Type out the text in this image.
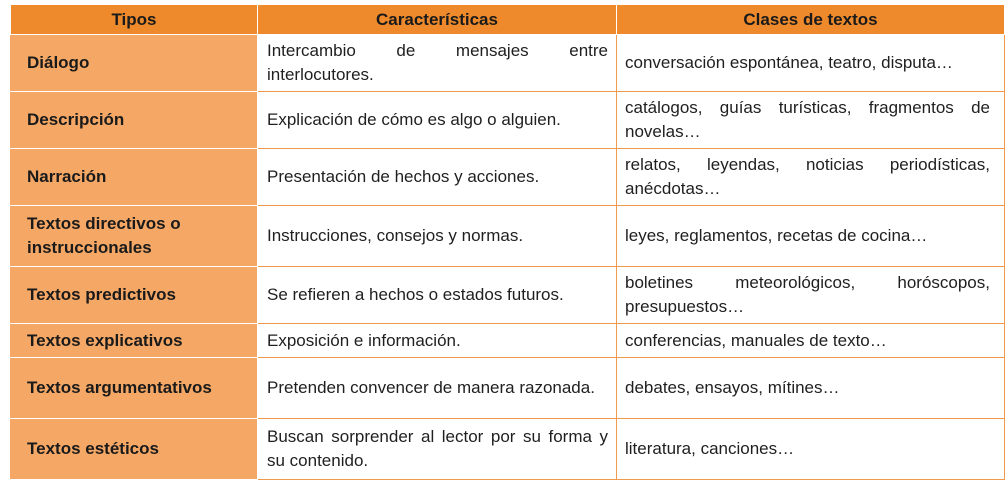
Tipos	Características	Clases de textos
Diálogo	Intercambio de mensajes entre interlocutores.	conversación espontánea, teatro, disputa…
Descripción	Explicación de cómo es algo o alguien.	catálogos, guías turísticas, fragmentos de novelas…
Narración	Presentación de hechos y acciones.	relatos, leyendas, noticias periodísticas, anécdotas…
Textos directivos o instruccionales	Instrucciones, consejos y normas.	leyes, reglamentos, recetas de cocina…
Textos predictivos	Se refieren a hechos o estados futuros.	boletines meteorológicos, horóscopos, presupuestos…
Textos explicativos	Exposición e información.	conferencias, manuales de texto…
Textos argumentativos	Pretenden convencer de manera razonada.	debates, ensayos, mítines…
Textos estéticos	Buscan sorprender al lector por su forma y su contenido.	literatura, canciones…
